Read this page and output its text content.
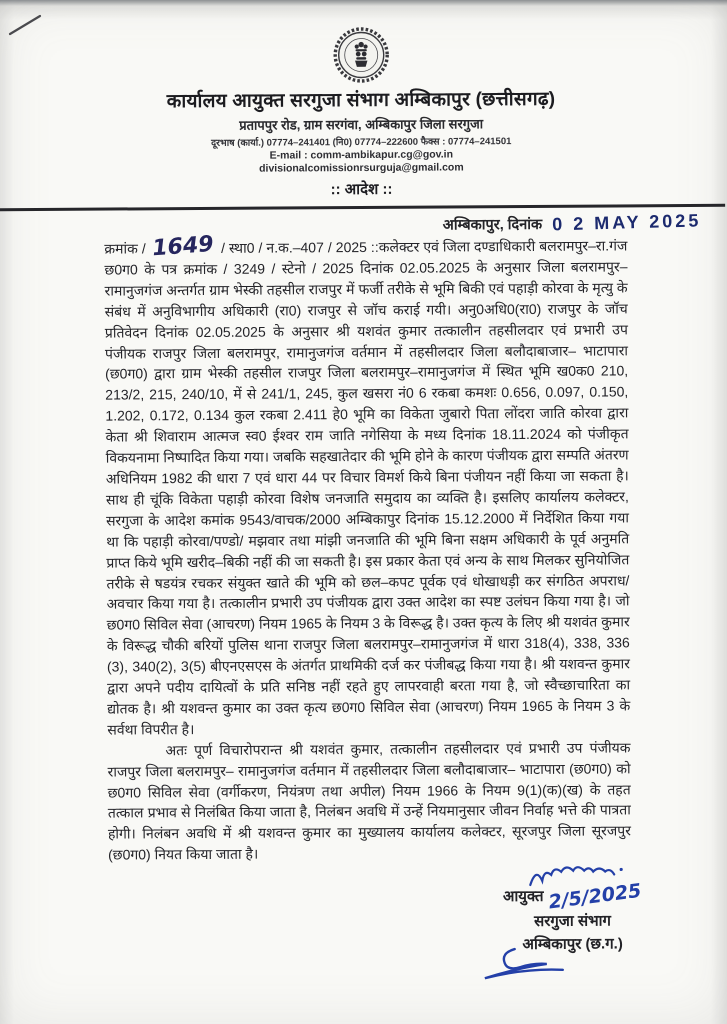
कार्यालय आयुक्त सरगुजा संभाग अम्बिकापुर (छत्तीसगढ़)
प्रतापपुर रोड, ग्राम सरगंवा, अम्बिकापुर जिला सरगुजा
दूरभाष (कार्या.) 07774–241401 (नि0) 07774–222600 फैक्स : 07774–241501
E-mail : comm-ambikapur.cg@gov.in
divisionalcomissionrsurguja@gmail.com
:: आदेश ::
अम्बिकापुर, दिनांक 0 2 MAY 2025

क्रमांक / 1649 / स्था0 / न.क.–407 / 2025 ::कलेक्टर एवं जिला दण्डाधिकारी बलरामपुर–रा.गंज छ0ग0 के पत्र क्रमांक / 3249 / स्टेनो / 2025 दिनांक 02.05.2025 के अनुसार जिला बलरामपुर–रामानुजगंज अन्तर्गत ग्राम भेस्की तहसील राजपुर में फर्जी तरीके से भूमि बिकी एवं पहाड़ी कोरवा के मृत्यु के संबंध में अनुविभागीय अधिकारी (रा0) राजपुर से जॉच कराई गयी। अनु0अधि0(रा0) राजपुर के जॉच प्रतिवेदन दिनांक 02.05.2025 के अनुसार श्री यशवंत कुमार तत्कालीन तहसीलदार एवं प्रभारी उप पंजीयक राजपुर जिला बलरामपुर, रामानुजगंज वर्तमान में तहसीलदार जिला बलौदाबाजार– भाटापारा (छ0ग0) द्वारा ग्राम भेस्की तहसील राजपुर जिला बलरामपुर–रामानुजगंज में स्थित भूमि ख0क0 210, 213/2, 215, 240/10, में से 241/1, 245, कुल खसरा नं0 6 रकबा कमशः 0.656, 0.097, 0.150, 1.202, 0.172, 0.134 कुल रकबा 2.411 हे0 भूमि का विकेता जुबारो पिता लोंदरा जाति कोरवा द्वारा केता श्री शिवाराम आत्मज स्व0 ईश्वर राम जाति नगेसिया के मध्य दिनांक 18.11.2024 को पंजीकृत विकयनामा निष्पादित किया गया। जबकि सहखातेदार की भूमि होने के कारण पंजीयक द्वारा सम्पति अंतरण अधिनियम 1982 की धारा 7 एवं धारा 44 पर विचार विमर्श किये बिना पंजीयन नहीं किया जा सकता है। साथ ही चूंकि विकेता पहाड़ी कोरवा विशेष जनजाति समुदाय का व्यक्ति है। इसलिए कार्यालय कलेक्टर, सरगुजा के आदेश कमांक 9543/वाचक/2000 अम्बिकापुर दिनांक 15.12.2000 में निर्देशित किया गया था कि पहाड़ी कोरवा/पण्डो/ मझवार तथा मांझी जनजाति की भूमि बिना सक्षम अधिकारी के पूर्व अनुमति प्राप्त किये भूमि खरीद–बिकी नहीं की जा सकती है। इस प्रकार केता एवं अन्य के साथ मिलकर सुनियोजित तरीके से षडयंत्र रचकर संयुक्त खाते की भूमि को छल–कपट पूर्वक एवं धोखाधड़ी कर संगठित अपराध/अवचार किया गया है। तत्कालीन प्रभारी उप पंजीयक द्वारा उक्त आदेश का स्पष्ट उलंघन किया गया है। जो छ0ग0 सिविल सेवा (आचरण) नियम 1965 के नियम 3 के विरूद्ध है। उक्त कृत्य के लिए श्री यशवंत कुमार के विरूद्ध चौकी बरियों पुलिस थाना राजपुर जिला बलरामपुर–रामानुजगंज में धारा 318(4), 338, 336 (3), 340(2), 3(5) बीएनएसएस के अंतर्गत प्राथमिकी दर्ज कर पंजीबद्ध किया गया है। श्री यशवन्त कुमार द्वारा अपने पदीय दायित्वों के प्रति सनिष्ठ नहीं रहते हुए लापरवाही बरता गया है, जो स्वैच्छाचारिता का द्योतक है। श्री यशवन्त कुमार का उक्त कृत्य छ0ग0 सिविल सेवा (आचरण) नियम 1965 के नियम 3 के सर्वथा विपरीत है।

अतः पूर्ण विचारोपरान्त श्री यशवंत कुमार, तत्कालीन तहसीलदार एवं प्रभारी उप पंजीयक राजपुर जिला बलरामपुर– रामानुजगंज वर्तमान में तहसीलदार जिला बलौदाबाजार– भाटापारा (छ0ग0) को छ0ग0 सिविल सेवा (वर्गीकरण, नियंत्रण तथा अपील) नियम 1966 के नियम 9(1)(क)(ख) के तहत तत्काल प्रभाव से निलंबित किया जाता है, निलंबन अवधि में उन्हें नियमानुसार जीवन निर्वाह भत्ते की पात्रता होगी। निलंबन अवधि में श्री यशवन्त कुमार का मुख्यालय कार्यालय कलेक्टर, सूरजपुर जिला सूरजपुर (छ0ग0) नियत किया जाता है।

आयुक्त 2/5/2025
सरगुजा संभाग
अम्बिकापुर (छ.ग.)
